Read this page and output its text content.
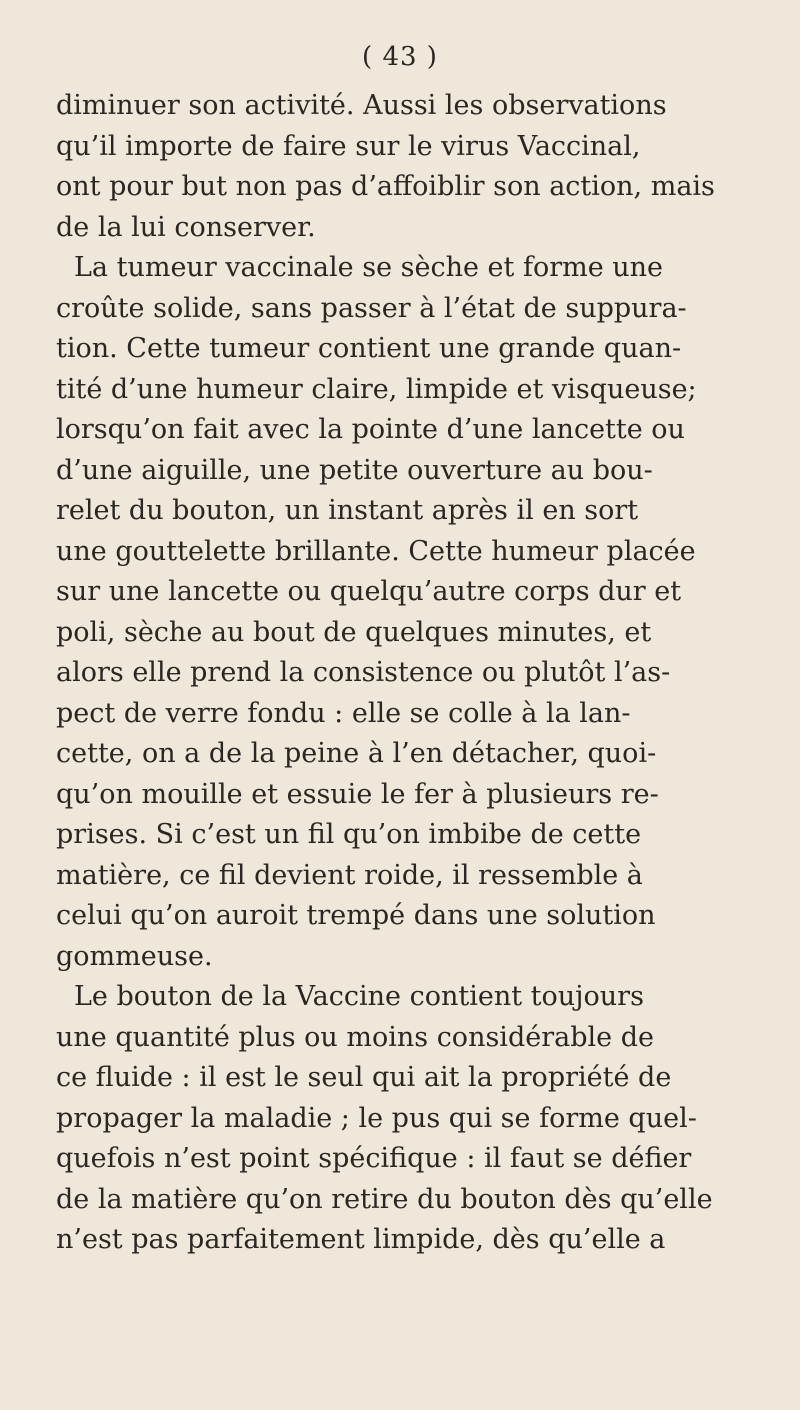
( 43 )
diminuer son activité. Aussi les observations
qu’il importe de faire sur le virus Vaccinal,
ont pour but non pas d’affoiblir son action, mais
de la lui conserver.
La tumeur vaccinale se sèche et forme une
croûte solide, sans passer à l’état de suppura-
tion. Cette tumeur contient une grande quan-
tité d’une humeur claire, limpide et visqueuse;
lorsqu’on fait avec la pointe d’une lancette ou
d’une aiguille, une petite ouverture au bou-
relet du bouton, un instant après il en sort
une gouttelette brillante. Cette humeur placée
sur une lancette ou quelqu’autre corps dur et
poli, sèche au bout de quelques minutes, et
alors elle prend la consistence ou plutôt l’as-
pect de verre fondu : elle se colle à la lan-
cette, on a de la peine à l’en détacher, quoi-
qu’on mouille et essuie le fer à plusieurs re-
prises. Si c’est un fil qu’on imbibe de cette
matière, ce fil devient roide, il ressemble à
celui qu’on auroit trempé dans une solution
gommeuse.
Le bouton de la Vaccine contient toujours
une quantité plus ou moins considérable de
ce fluide : il est le seul qui ait la propriété de
propager la maladie ; le pus qui se forme quel-
quefois n’est point spécifique : il faut se défier
de la matière qu’on retire du bouton dès qu’elle
n’est pas parfaitement limpide, dès qu’elle a
